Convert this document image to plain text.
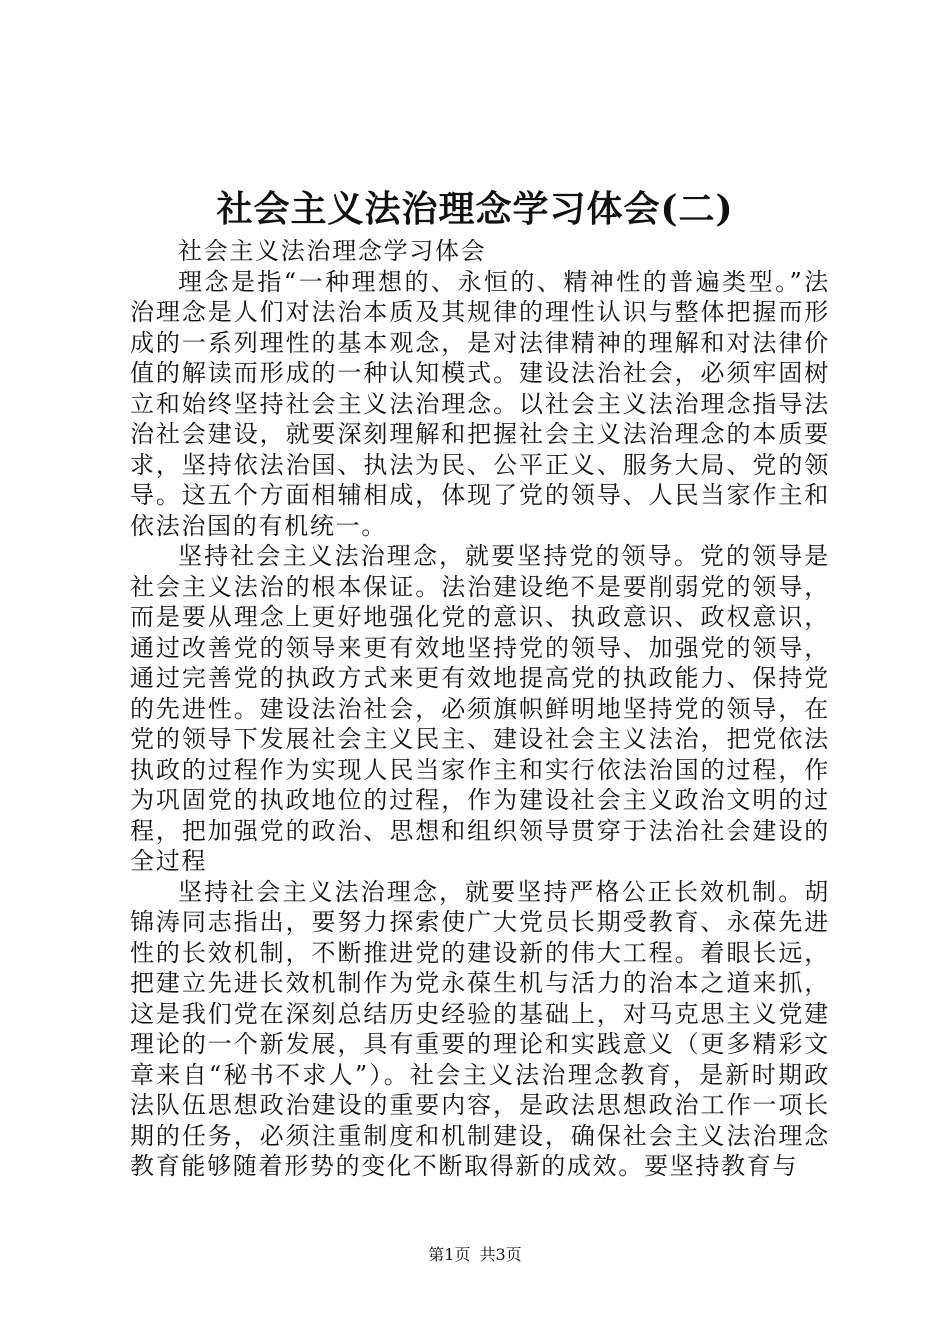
社会主义法治理念学习体会(二)

社会主义法治理念学习体会

理念是指“一种理想的、永恒的、精神性的普遍类型。”法治理念是人们对法治本质及其规律的理性认识与整体把握而形成的一系列理性的基本观念，是对法律精神的理解和对法律价值的解读而形成的一种认知模式。建设法治社会，必须牢固树立和始终坚持社会主义法治理念。以社会主义法治理念指导法治社会建设，就要深刻理解和把握社会主义法治理念的本质要求，坚持依法治国、执法为民、公平正义、服务大局、党的领导。这五个方面相辅相成，体现了党的领导、人民当家作主和依法治国的有机统一。

坚持社会主义法治理念，就要坚持党的领导。党的领导是社会主义法治的根本保证。法治建设绝不是要削弱党的领导，而是要从理念上更好地强化党的意识、执政意识、政权意识，通过改善党的领导来更有效地坚持党的领导、加强党的领导，通过完善党的执政方式来更有效地提高党的执政能力、保持党的先进性。建设法治社会，必须旗帜鲜明地坚持党的领导，在党的领导下发展社会主义民主、建设社会主义法治，把党依法执政的过程作为实现人民当家作主和实行依法治国的过程，作为巩固党的执政地位的过程，作为建设社会主义政治文明的过程，把加强党的政治、思想和组织领导贯穿于法治社会建设的全过程

坚持社会主义法治理念，就要坚持严格公正长效机制。胡锦涛同志指出，要努力探索使广大党员长期受教育、永葆先进性的长效机制，不断推进党的建设新的伟大工程。着眼长远，把建立先进长效机制作为党永葆生机与活力的治本之道来抓，这是我们党在深刻总结历史经验的基础上，对马克思主义党建理论的一个新发展，具有重要的理论和实践意义（更多精彩文章来自“秘书不求人”）。社会主义法治理念教育，是新时期政法队伍思想政治建设的重要内容，是政法思想政治工作一项长期的任务，必须注重制度和机制建设，确保社会主义法治理念教育能够随着形势的变化不断取得新的成效。要坚持教育与

第1页 共3页
